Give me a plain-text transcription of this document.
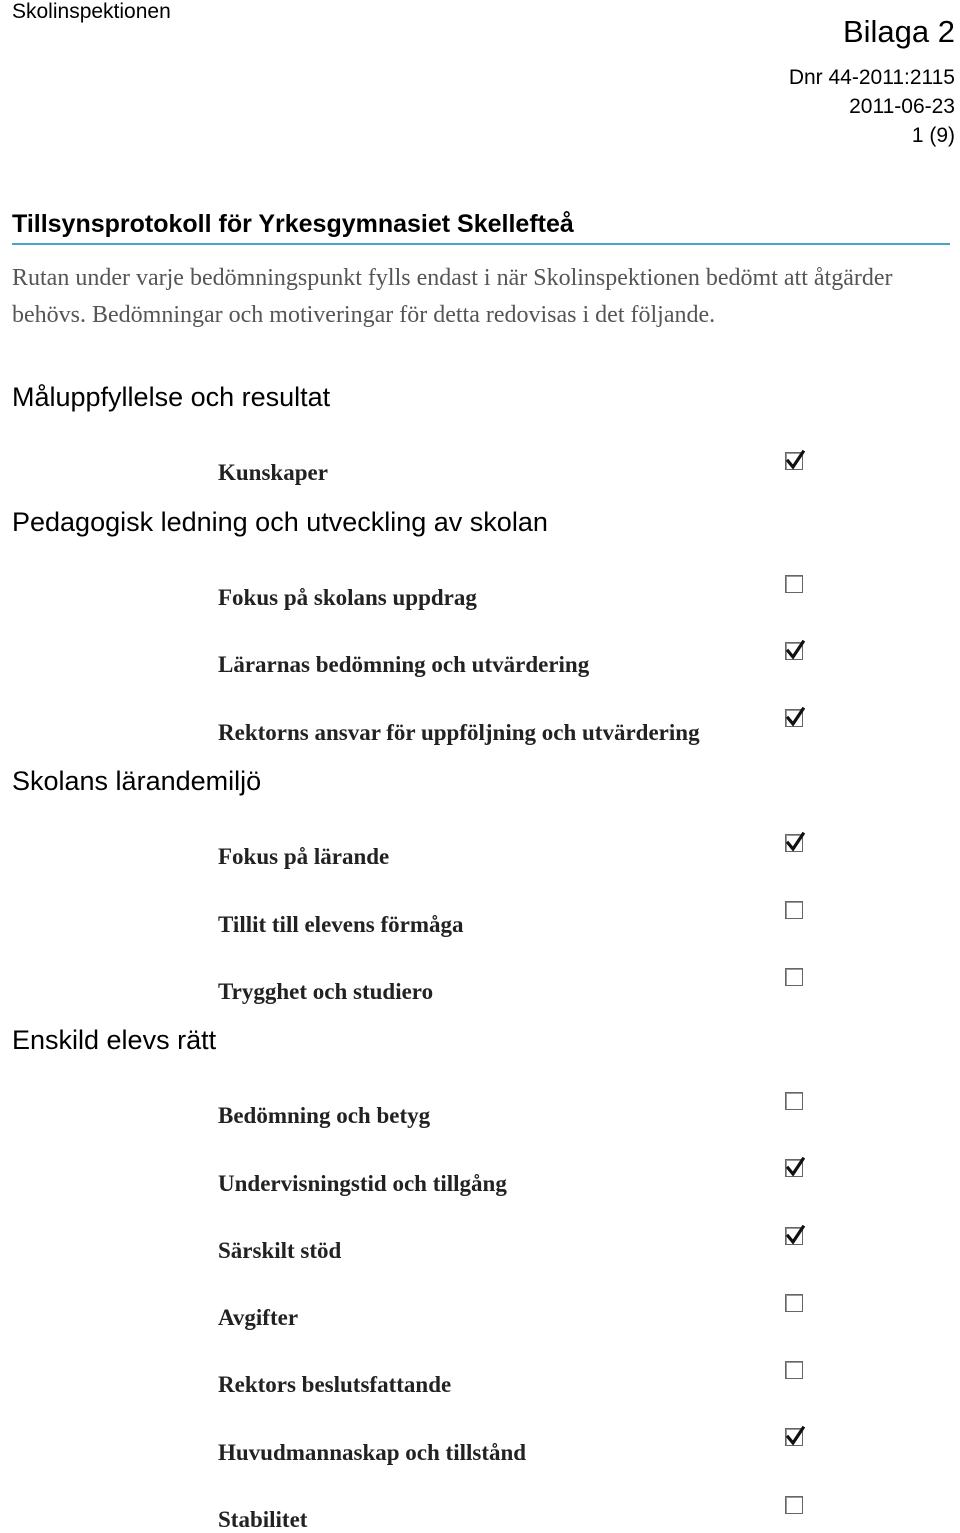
Skolinspektionen
Bilaga 2
Dnr 44-2011:2115
2011-06-23
1 (9)
Tillsynsprotokoll för Yrkesgymnasiet Skellefteå
Rutan under varje bedömningspunkt fylls endast i när Skolinspektionen bedömt att åtgärder behövs. Bedömningar och motiveringar för detta redovisas i det följande.
Måluppfyllelse och resultat
Pedagogisk ledning och utveckling av skolan
Skolans lärandemiljö
Enskild elevs rätt
Kunskaper
Fokus på skolans uppdrag
Lärarnas bedömning och utvärdering
Rektorns ansvar för uppföljning och utvärdering
Fokus på lärande
Tillit till elevens förmåga
Trygghet och studiero
Bedömning och betyg
Undervisningstid och tillgång
Särskilt stöd
Avgifter
Rektors beslutsfattande
Huvudmannaskap och tillstånd
Stabilitet
